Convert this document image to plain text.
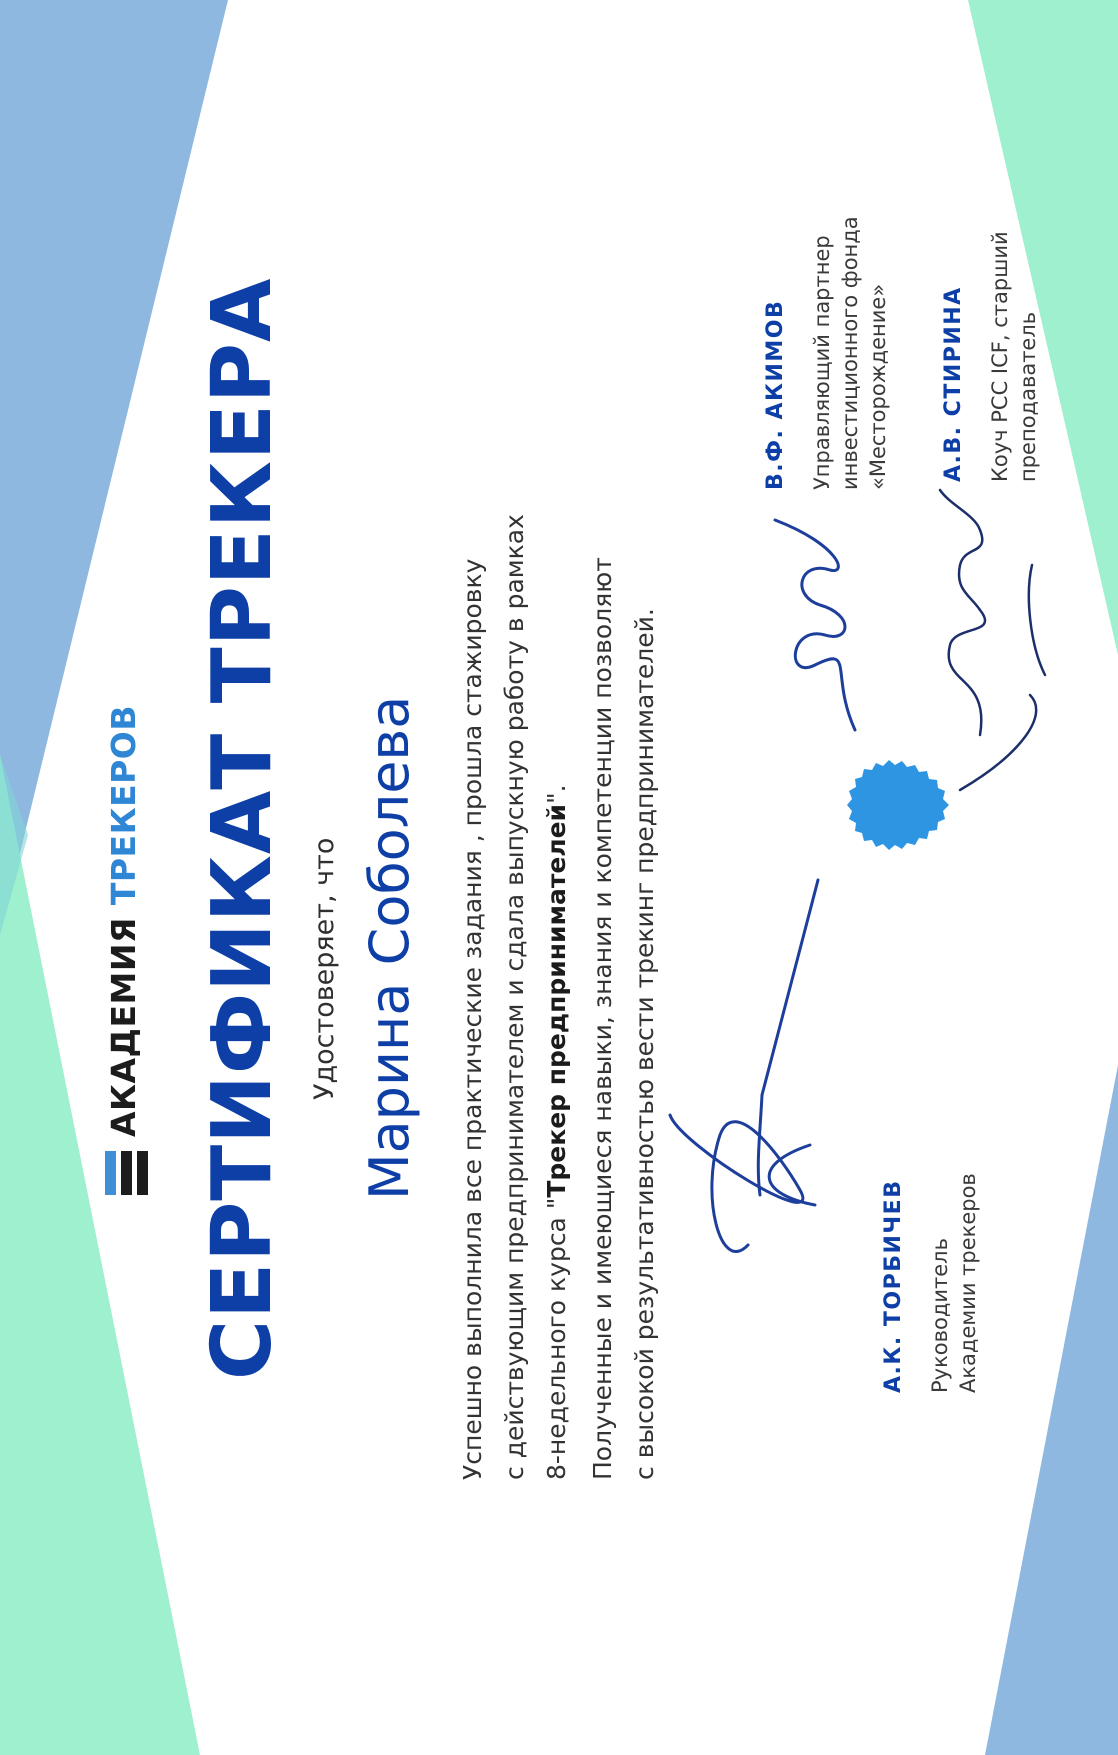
АКАДЕМИЯ ТРЕКЕРОВ СЕРТИФИКАТ ТРЕКЕРА Удостоверяет, что Марина Соболева Успешно выполнила все практические задания , прошла стажировку с действующим предпринимателем и сдала выпускную работу в рамках 8-недельного курса "Трекер предпринимателей". Полученные и имеющиеся навыки, знания и компетенции позволяют с высокой результативностью вести трекинг предпринимателей.	А.К. ТОРБИЧЕВ Руководитель Академии трекеров
В.Ф. АКИМОВ Управляющий партнер инвестиционного фонда «Месторождение» А.В. СТИРИНА Коуч PCC ICF, старший преподаватель
